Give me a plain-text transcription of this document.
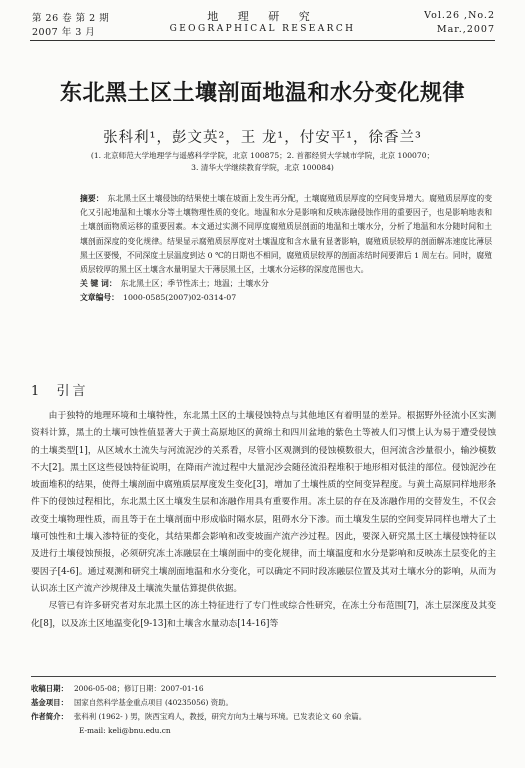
第 26 卷 第 2 期
2007 年 3 月
地 理 研 究
GEOGRAPHICAL RESEARCH
Vol.26 ,No.2
Mar.,2007
东北黑土区土壤剖面地温和水分变化规律
张科利¹，彭文英²，王 龙¹，付安平¹，徐香兰³
(1. 北京师范大学地理学与遥感科学学院，北京 100875；2. 首都经贸大学城市学院，北京 100070；
3. 清华大学继续教育学院，北京 100084)

摘要： 东北黑土区土壤侵蚀的结果使土壤在坡面上发生再分配，土壤腐殖质层厚度的空间变异增大。腐殖质层厚度的变化又引起地温和土壤水分等土壤物理性质的变化。地温和水分是影响和反映冻融侵蚀作用的重要因子，也是影响地表和土壤剖面物质运移的重要因素。本文通过实测不同厚度腐殖质层剖面的地温和土壤水分，分析了地温和水分随时间和土壤剖面深度的变化规律。结果显示腐殖质层厚度对土壤温度和含水量有显著影响，腐殖质层较厚的剖面解冻速度比薄层黑土区要慢，不同深度土层温度到达 0 ℃的日期也不相同，腐殖质层较厚的剖面冻结时间要滞后 1 周左右。同时，腐殖质层较厚的黑土区土壤含水量明显大于薄层黑土区，土壤水分运移的深度范围也大。

关 键 词： 东北黑土区；季节性冻土；地温；土壤水分

文章编号： 1000-0585(2007)02-0314-07

1 引言

由于独特的地理环境和土壤特性，东北黑土区的土壤侵蚀特点与其他地区有着明显的差异。根据野外径流小区实测资料计算，黑土的土壤可蚀性值显著大于黄土高原地区的黄绵土和四川盆地的紫色土等被人们习惯上认为易于遭受侵蚀的土壤类型[1]，从区域水土流失与河流泥沙的关系看，尽管小区观测到的侵蚀模数很大，但河流含沙量很小，输沙模数不大[2]。黑土区这些侵蚀特征说明，在降雨产流过程中大量泥沙会随径流沿程堆积于地形相对低洼的部位。侵蚀泥沙在坡面堆积的结果，使得土壤剖面中腐殖质层厚度发生变化[3]，增加了土壤性质的空间变异程度。与黄土高原同样地形条件下的侵蚀过程相比，东北黑土区土壤发生层和冻融作用具有重要作用。冻土层的存在及冻融作用的交替发生，不仅会改变土壤物理性质，而且等于在土壤剖面中形成临时隔水层，阻碍水分下渗。而土壤发生层的空间变异同样也增大了土壤可蚀性和土壤入渗特征的变化，其结果都会影响和改变坡面产流产沙过程。因此，要深入研究黑土区土壤侵蚀特征以及进行土壤侵蚀预报，必须研究冻土冻融层在土壤剖面中的变化规律，而土壤温度和水分是影响和反映冻土层变化的主要因子[4-6]。通过观测和研究土壤剖面地温和水分变化，可以确定不同时段冻融层位置及其对土壤水分的影响，从而为认识冻土区产流产沙规律及土壤流失量估算提供依据。

尽管已有许多研究者对东北黑土区的冻土特征进行了专门性或综合性研究，在冻土分布范围[7]，冻土层深度及其变化[8]，以及冻土区地温变化[9-13]和土壤含水量动态[14-16]等

收稿日期： 2006-05-08；修订日期：2007-01-16
基金项目： 国家自然科学基金重点项目 (40235056) 资助。
作者简介： 张科利 (1962- ) 男，陕西宝鸡人，教授，研究方向为土壤与环境。已发表论文 60 余篇。
E-mail: keli@bnu.edu.cn
